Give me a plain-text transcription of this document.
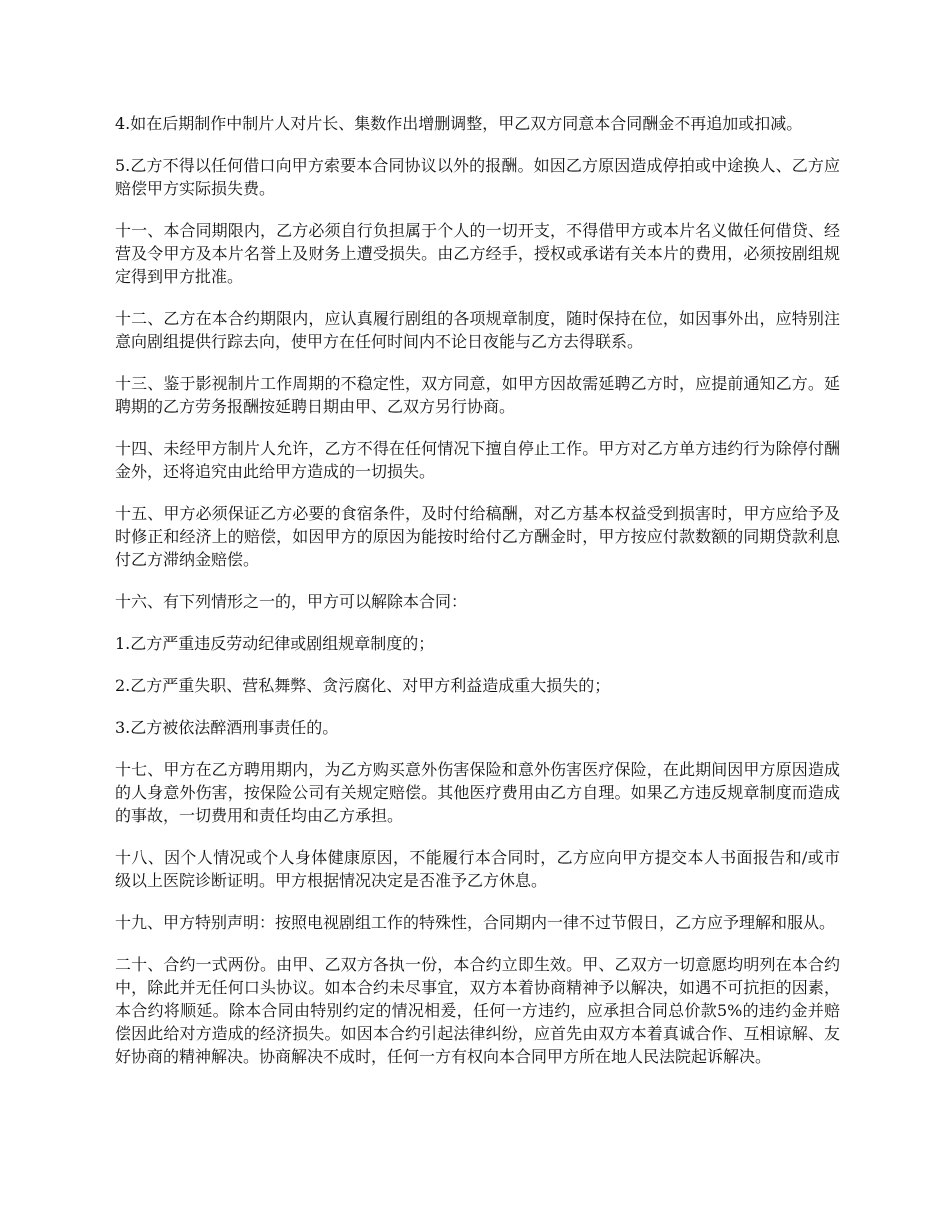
4.如在后期制作中制片人对片长、集数作出增删调整，甲乙双方同意本合同酬金不再追加或扣减。

5.乙方不得以任何借口向甲方索要本合同协议以外的报酬。如因乙方原因造成停拍或中途换人、乙方应赔偿甲方实际损失费。

十一、本合同期限内，乙方必须自行负担属于个人的一切开支，不得借甲方或本片名义做任何借贷、经营及令甲方及本片名誉上及财务上遭受损失。由乙方经手，授权或承诺有关本片的费用，必须按剧组规定得到甲方批准。

十二、乙方在本合约期限内，应认真履行剧组的各项规章制度，随时保持在位，如因事外出，应特别注意向剧组提供行踪去向，使甲方在任何时间内不论日夜能与乙方去得联系。

十三、鉴于影视制片工作周期的不稳定性，双方同意，如甲方因故需延聘乙方时，应提前通知乙方。延聘期的乙方劳务报酬按延聘日期由甲、乙双方另行协商。

十四、未经甲方制片人允许，乙方不得在任何情况下擅自停止工作。甲方对乙方单方违约行为除停付酬金外，还将追究由此给甲方造成的一切损失。

十五、甲方必须保证乙方必要的食宿条件，及时付给稿酬，对乙方基本权益受到损害时，甲方应给予及时修正和经济上的赔偿，如因甲方的原因为能按时给付乙方酬金时，甲方按应付款数额的同期贷款利息付乙方滞纳金赔偿。

十六、有下列情形之一的，甲方可以解除本合同：

1.乙方严重违反劳动纪律或剧组规章制度的；

2.乙方严重失职、营私舞弊、贪污腐化、对甲方利益造成重大损失的；

3.乙方被依法醉酒刑事责任的。

十七、甲方在乙方聘用期内，为乙方购买意外伤害保险和意外伤害医疗保险，在此期间因甲方原因造成的人身意外伤害，按保险公司有关规定赔偿。其他医疗费用由乙方自理。如果乙方违反规章制度而造成的事故，一切费用和责任均由乙方承担。

十八、因个人情况或个人身体健康原因，不能履行本合同时，乙方应向甲方提交本人书面报告和/或市级以上医院诊断证明。甲方根据情况决定是否准予乙方休息。

十九、甲方特别声明：按照电视剧组工作的特殊性，合同期内一律不过节假日，乙方应予理解和服从。

二十、合约一式两份。由甲、乙双方各执一份，本合约立即生效。甲、乙双方一切意愿均明列在本合约中，除此并无任何口头协议。如本合约未尽事宜，双方本着协商精神予以解决，如遇不可抗拒的因素，本合约将顺延。除本合同由特别约定的情况相爰，任何一方违约，应承担合同总价款5%的违约金并赔偿因此给对方造成的经济损失。如因本合约引起法律纠纷，应首先由双方本着真诚合作、互相谅解、友好协商的精神解决。协商解决不成时，任何一方有权向本合同甲方所在地人民法院起诉解决。
